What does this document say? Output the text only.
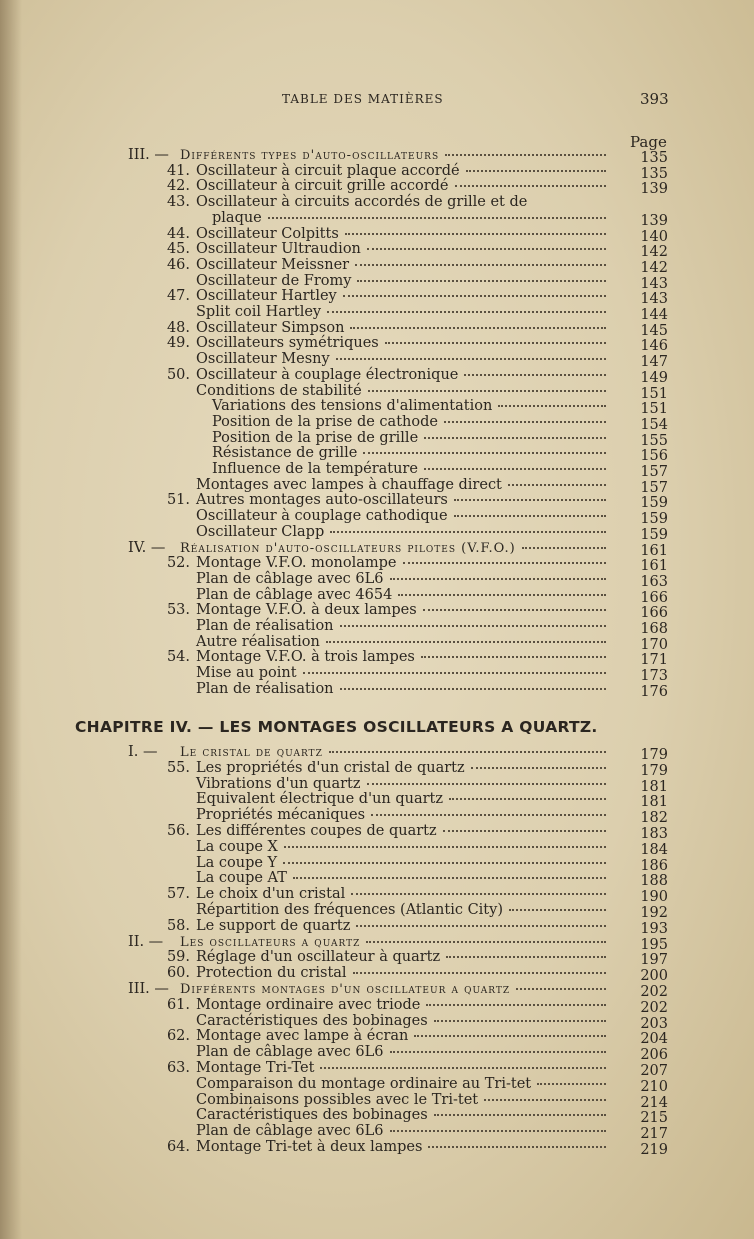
TABLE DES MATIÈRES	393
Page
CHAPITRE IV. — LES MONTAGES OSCILLATEURS A QUARTZ.
III. — Différents types d'auto-oscillateurs	135
41. Oscillateur à circuit plaque accordé	135
42. Oscillateur à circuit grille accordé	139
43. Oscillateur à circuits accordés de grille et de
plaque	139
44. Oscillateur Colpitts	140
45. Oscillateur Ultraudion	142
46. Oscillateur Meissner	142
Oscillateur de Fromy	143
47. Oscillateur Hartley	143
Split coil Hartley	144
48. Oscillateur Simpson	145
49. Oscillateurs symétriques	146
Oscillateur Mesny	147
50. Oscillateur à couplage électronique	149
Conditions de stabilité	151
Variations des tensions d'alimentation	151
Position de la prise de cathode	154
Position de la prise de grille	155
Résistance de grille	156
Influence de la température	157
Montages avec lampes à chauffage direct	157
51. Autres montages auto-oscillateurs	159
Oscillateur à couplage cathodique	159
Oscillateur Clapp	159
IV. —	Réalisation d'auto-oscillateurs pilotes (V.F.O.)	161
52. Montage V.F.O. monolampe	161
Plan de câblage avec 6L6	163
Plan de câblage avec 4654	166
53. Montage V.F.O. à deux lampes	166
Plan de réalisation	168
Autre réalisation	170
54. Montage V.F.O. à trois lampes	171
Mise au point	173
Plan de réalisation	176
I. —	Le cristal de quartz	179
55. Les propriétés d'un cristal de quartz	179
Vibrations d'un quartz	181
Equivalent électrique d'un quartz	181
Propriétés mécaniques	182
56. Les différentes coupes de quartz	183
La coupe X	184
La coupe Y	186
La coupe AT	188
57. Le choix d'un cristal	190
Répartition des fréquences (Atlantic City)	192
58. Le support de quartz	193
II. —	Les oscillateurs a quartz	195
59. Réglage d'un oscillateur à quartz	197
60. Protection du cristal	200
III. — Différents montages d'un oscillateur a quartz	202
61. Montage ordinaire avec triode	202
Caractéristiques des bobinages	203
62. Montage avec lampe à écran	204
Plan de câblage avec 6L6	206
63. Montage Tri-Tet	207
Comparaison du montage ordinaire au Tri-tet	210
Combinaisons possibles avec le Tri-tet	214
Caractéristiques des bobinages	215
Plan de câblage avec 6L6	217
64. Montage Tri-tet à deux lampes	219
